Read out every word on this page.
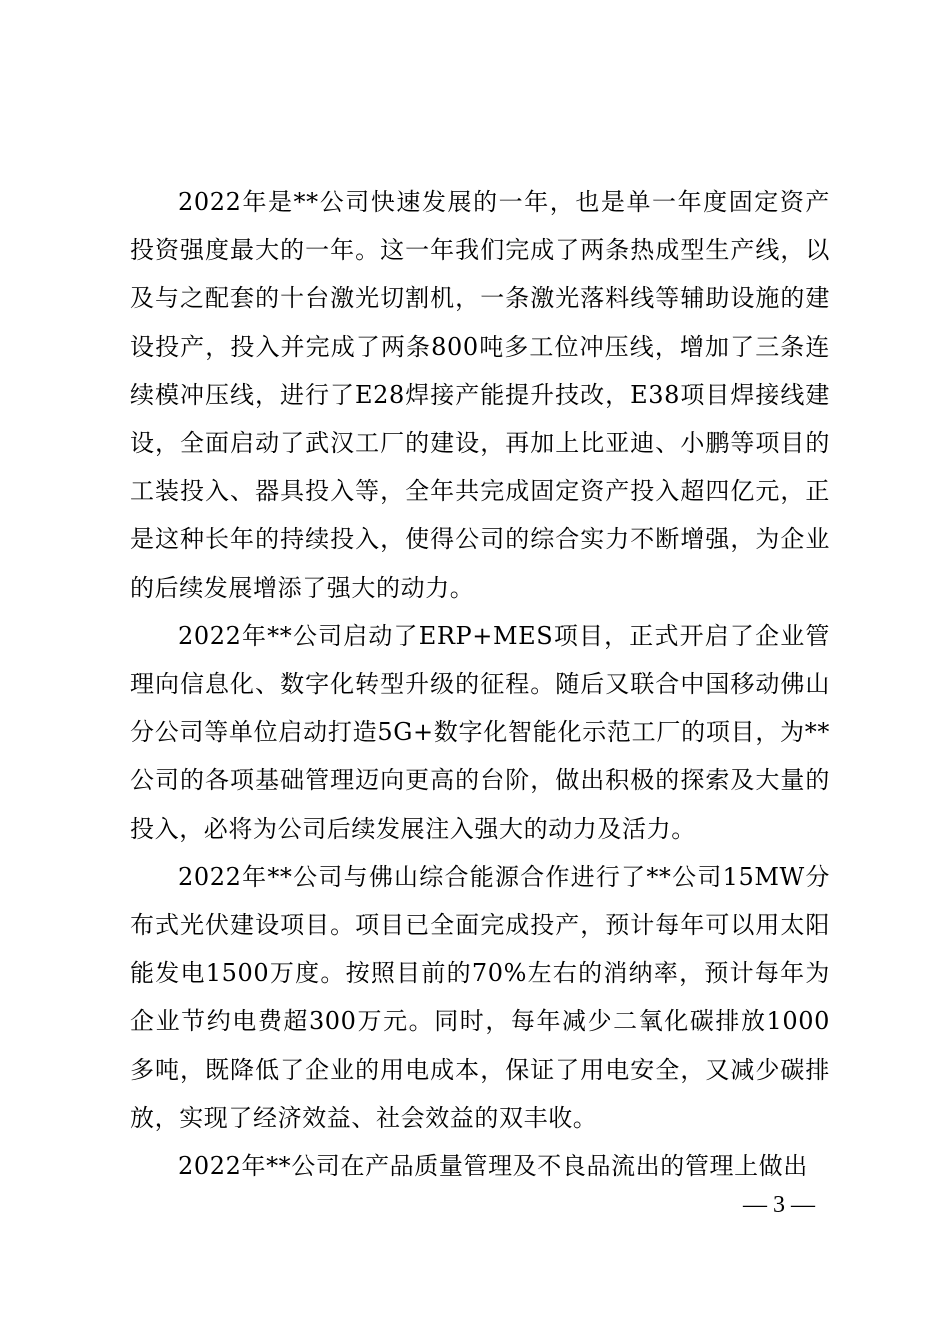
2022年是**公司快速发展的一年，也是单一年度固定资产投资强度最大的一年。这一年我们完成了两条热成型生产线，以及与之配套的十台激光切割机，一条激光落料线等辅助设施的建设投产，投入并完成了两条800吨多工位冲压线，增加了三条连续模冲压线，进行了E28焊接产能提升技改，E38项目焊接线建设，全面启动了武汉工厂的建设，再加上比亚迪、小鹏等项目的工装投入、器具投入等，全年共完成固定资产投入超四亿元，正是这种长年的持续投入，使得公司的综合实力不断增强，为企业的后续发展增添了强大的动力。

2022年**公司启动了ERP+MES项目，正式开启了企业管理向信息化、数字化转型升级的征程。随后又联合中国移动佛山分公司等单位启动打造5G+数字化智能化示范工厂的项目，为**公司的各项基础管理迈向更高的台阶，做出积极的探索及大量的投入，必将为公司后续发展注入强大的动力及活力。

2022年**公司与佛山综合能源合作进行了**公司15MW分布式光伏建设项目。项目已全面完成投产，预计每年可以用太阳能发电1500万度。按照目前的70%左右的消纳率，预计每年为企业节约电费超300万元。同时，每年减少二氧化碳排放1000多吨，既降低了企业的用电成本，保证了用电安全，又减少碳排放，实现了经济效益、社会效益的双丰收。

2022年**公司在产品质量管理及不良品流出的管理上做出

— 3 —
